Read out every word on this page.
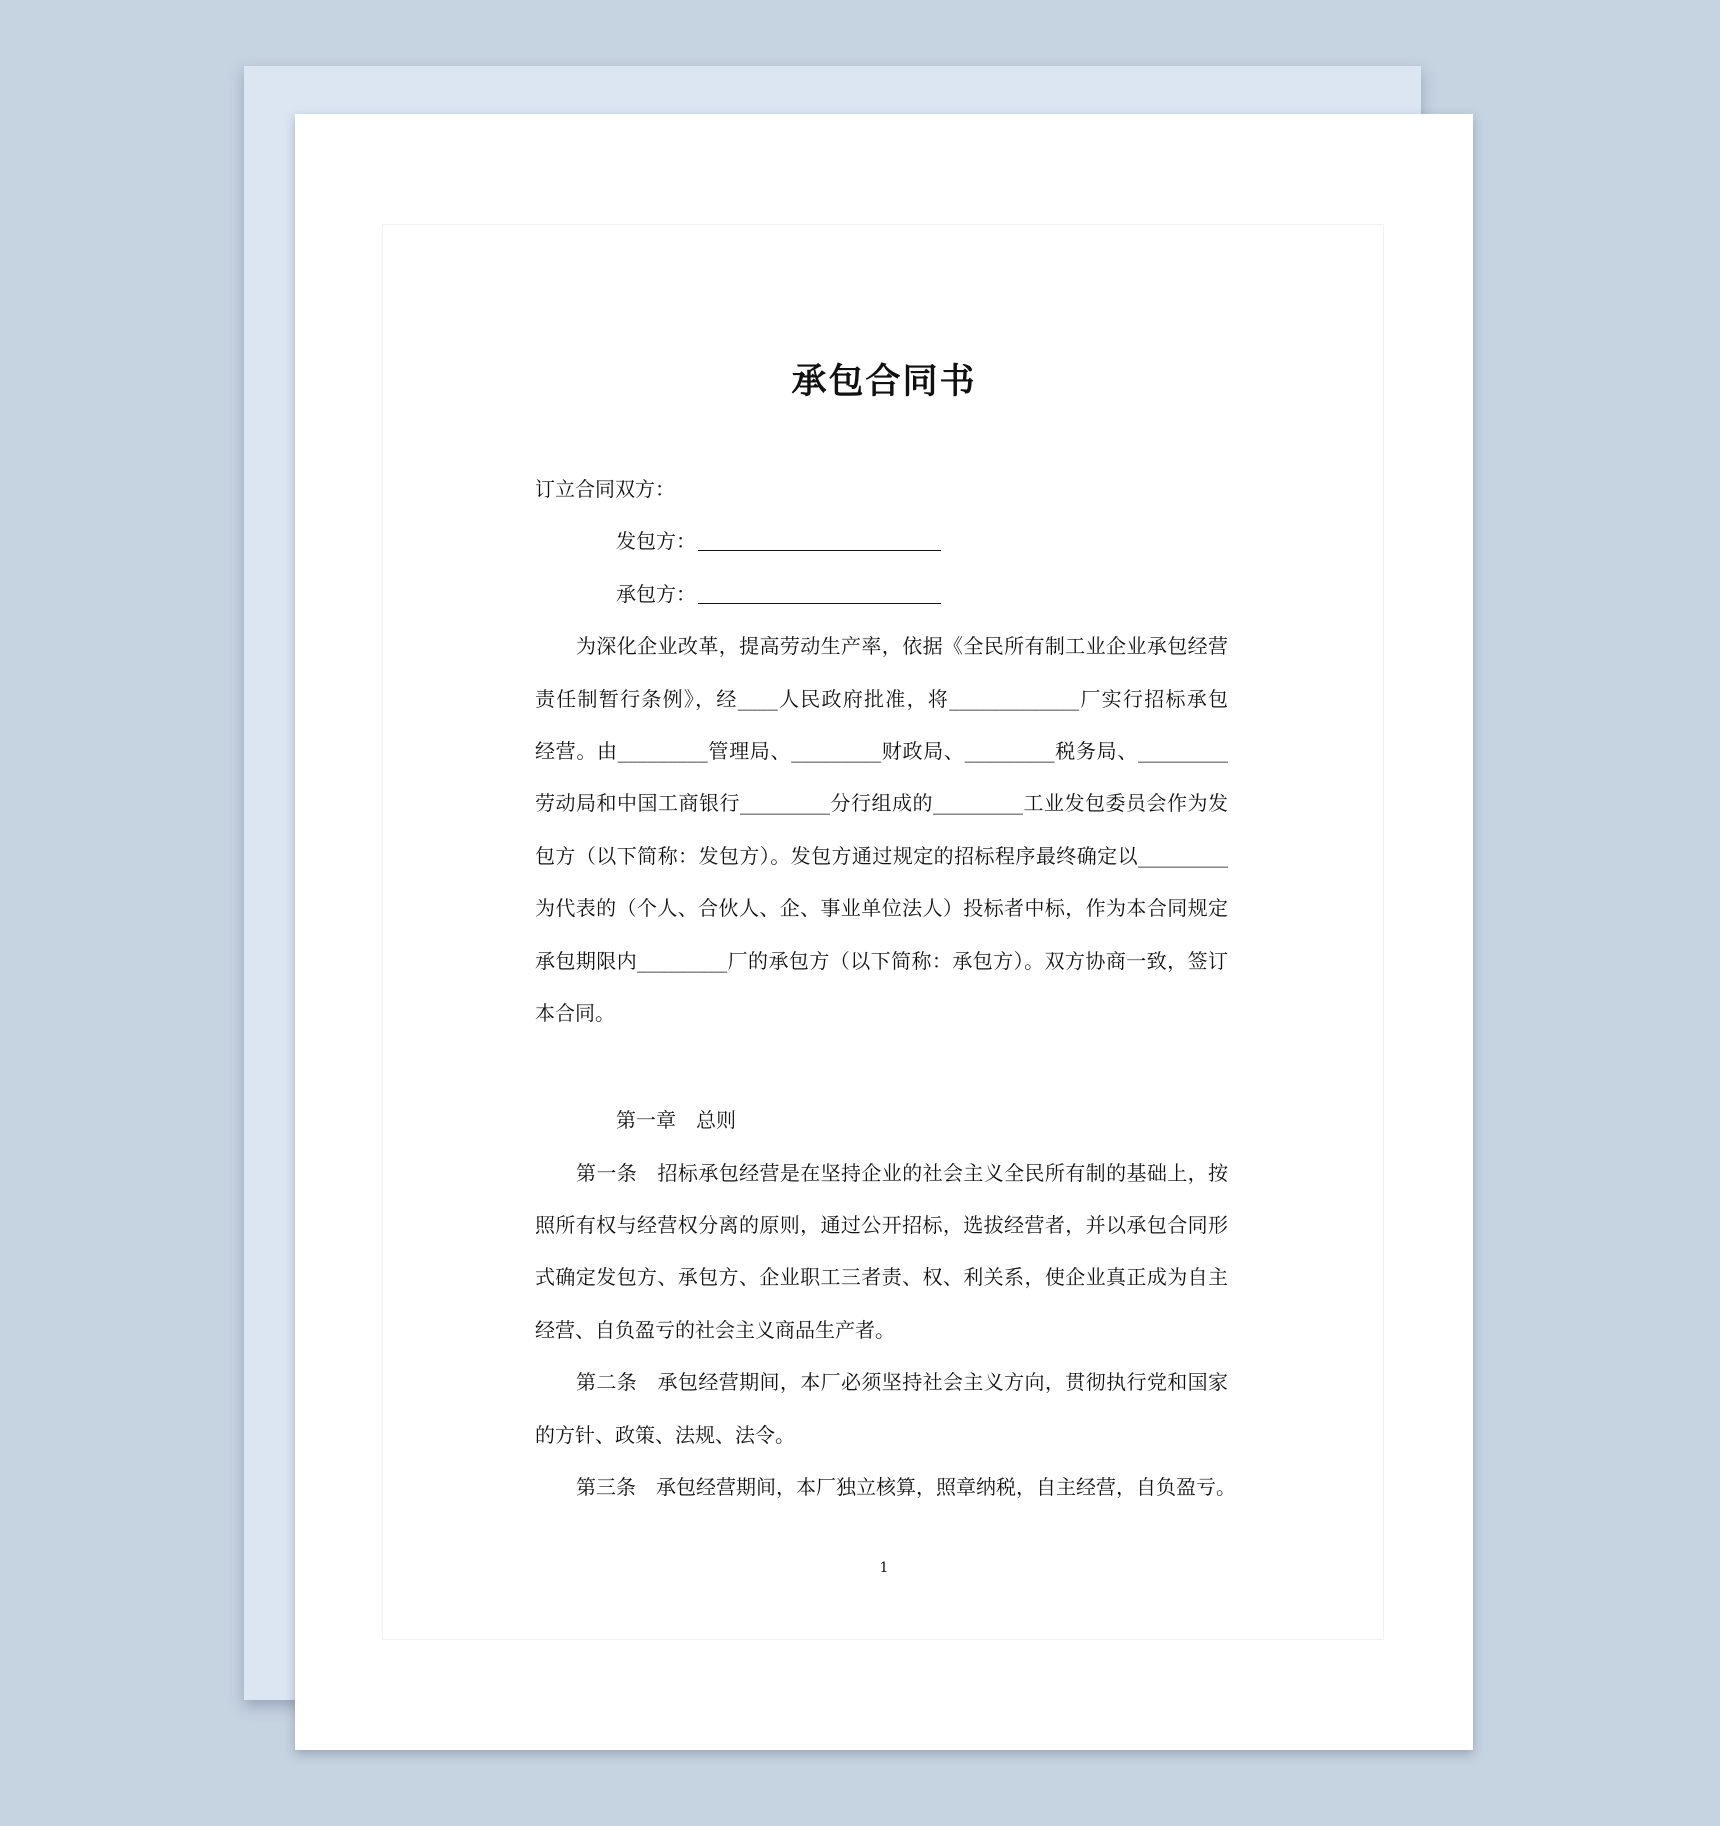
承包合同书
订立合同双方：
发包方：
承包方：
为深化企业改革，提高劳动生产率，依据《全民所有制工业企业承包经营
责任制暂行条例》，经____人民政府批准，将_____________厂实行招标承包
经营。由_________管理局、_________财政局、_________税务局、_________
劳动局和中国工商银行_________分行组成的_________工业发包委员会作为发
包方（以下简称：发包方）。发包方通过规定的招标程序最终确定以_________
为代表的（个人、合伙人、企、事业单位法人）投标者中标，作为本合同规定
承包期限内_________厂的承包方（以下简称：承包方）。双方协商一致，签订
本合同。
第一章　总则
第一条　招标承包经营是在坚持企业的社会主义全民所有制的基础上，按
照所有权与经营权分离的原则，通过公开招标，选拔经营者，并以承包合同形
式确定发包方、承包方、企业职工三者责、权、利关系，使企业真正成为自主
经营、自负盈亏的社会主义商品生产者。
第二条　承包经营期间，本厂必须坚持社会主义方向，贯彻执行党和国家
的方针、政策、法规、法令。
第三条　承包经营期间，本厂独立核算，照章纳税，自主经营，自负盈亏。
1
